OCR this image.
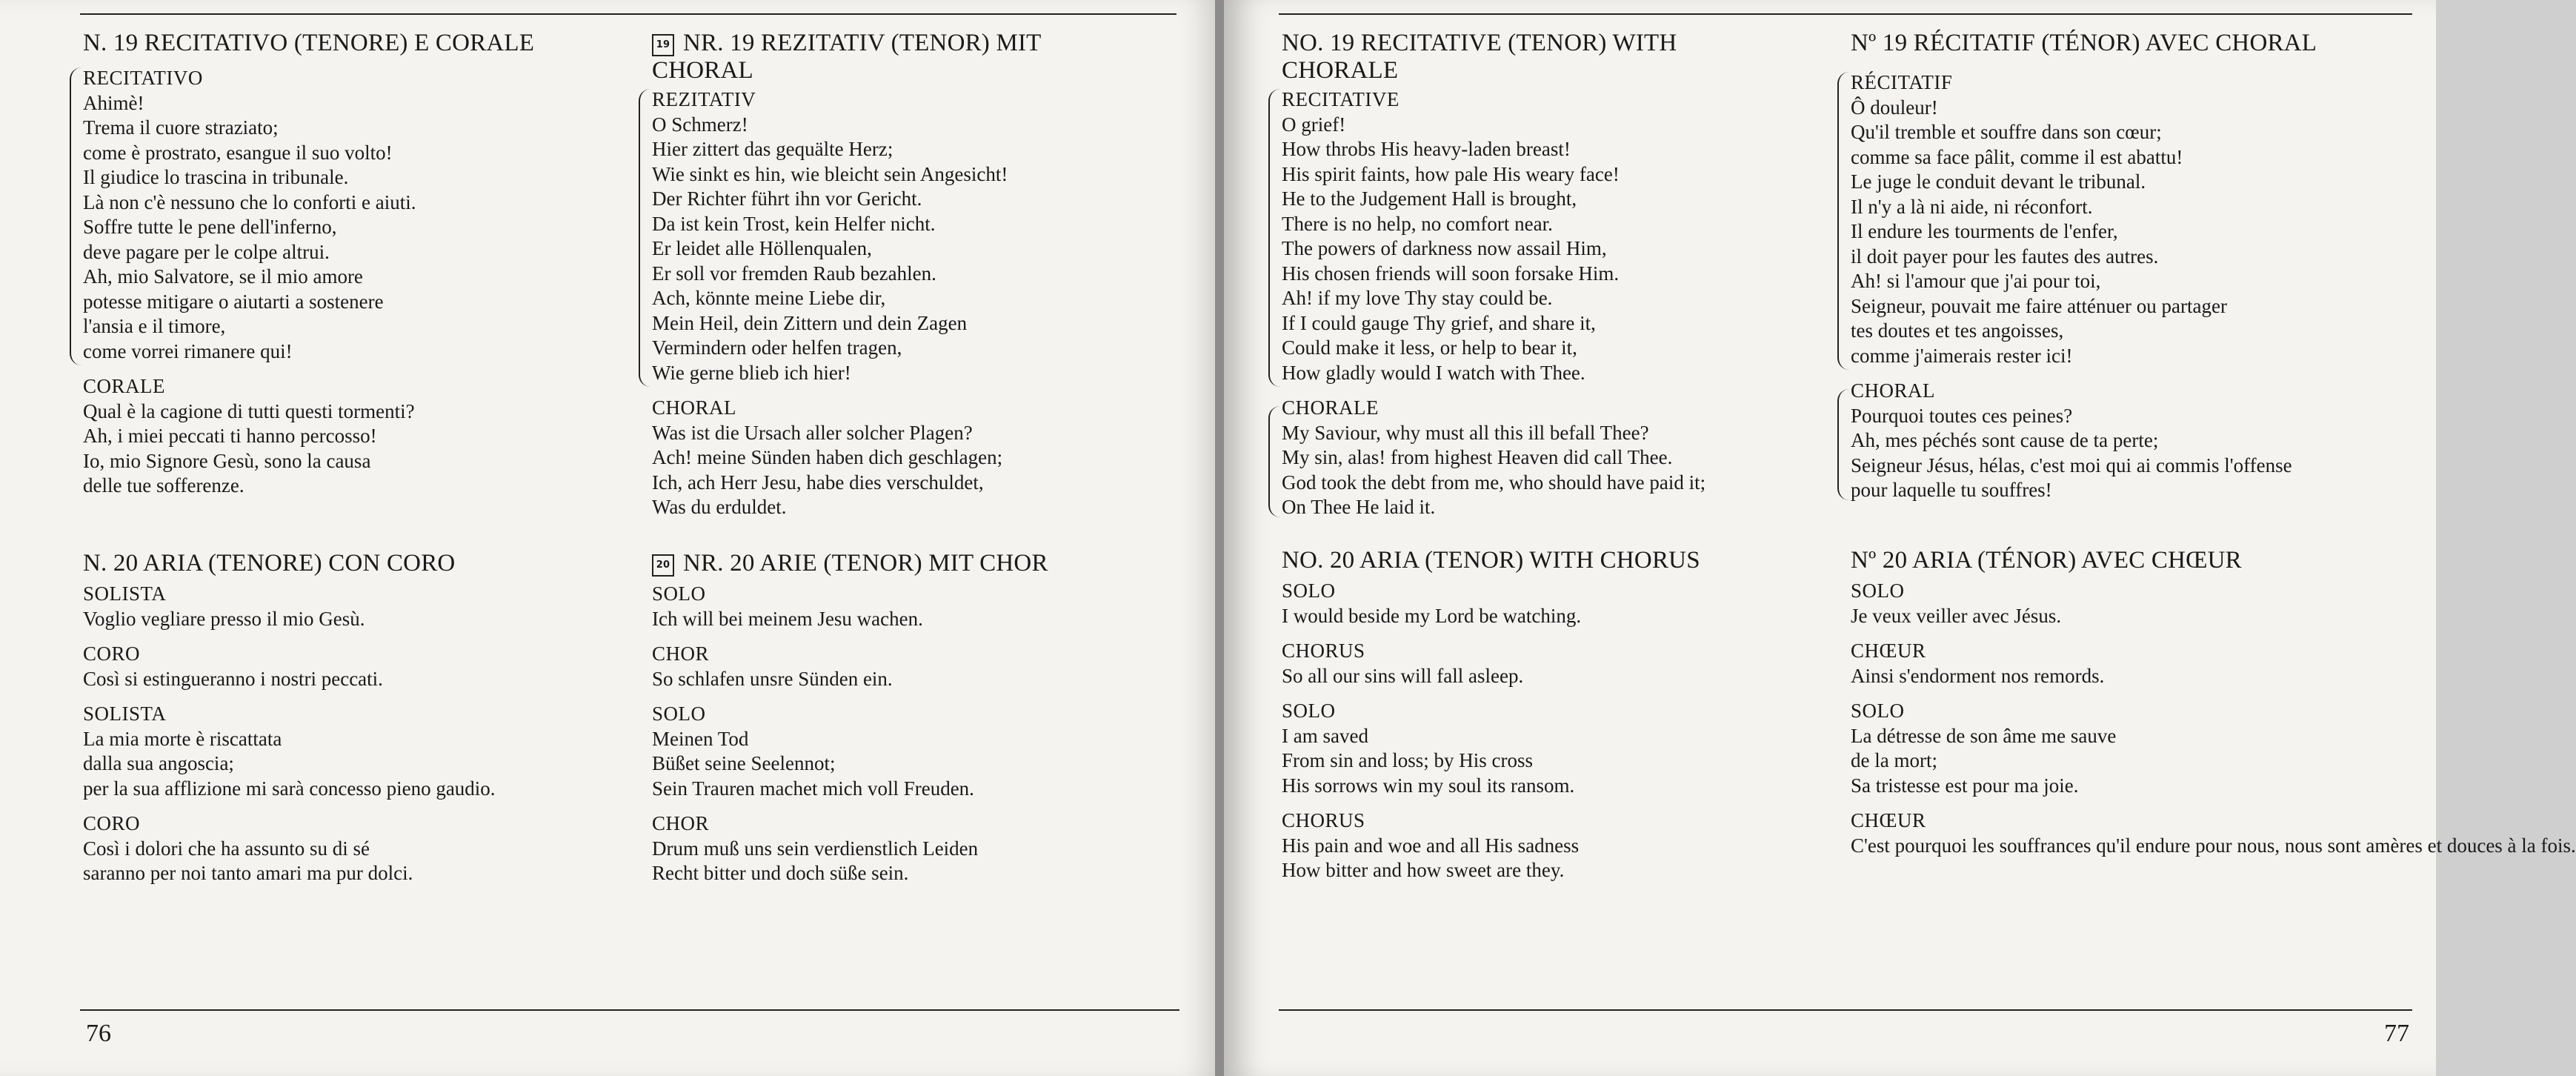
N. 19 RECITATIVO (TENORE) E CORALE
RECITATIVO
Ahimè!
Trema il cuore straziato;
come è prostrato, esangue il suo volto!
Il giudice lo trascina in tribunale.
Là non c'è nessuno che lo conforti e aiuti.
Soffre tutte le pene dell'inferno,
deve pagare per le colpe altrui.
Ah, mio Salvatore, se il mio amore
potesse mitigare o aiutarti a sostenere
l'ansia e il timore,
come vorrei rimanere qui!
CORALE
Qual è la cagione di tutti questi tormenti?
Ah, i miei peccati ti hanno percosso!
Io, mio Signore Gesù, sono la causa
delle tue sofferenze.
N. 20 ARIA (TENORE) CON CORO
SOLISTA
Voglio vegliare presso il mio Gesù.
CORO
Così si estingueranno i nostri peccati.
SOLISTA
La mia morte è riscattata
dalla sua angoscia;
per la sua afflizione mi sarà concesso pieno gaudio.
CORO
Così i dolori che ha assunto su di sé
saranno per noi tanto amari ma pur dolci.
19 NR. 19 REZITATIV (TENOR) MIT
CHORAL
REZITATIV
O Schmerz!
Hier zittert das gequälte Herz;
Wie sinkt es hin, wie bleicht sein Angesicht!
Der Richter führt ihn vor Gericht.
Da ist kein Trost, kein Helfer nicht.
Er leidet alle Höllenqualen,
Er soll vor fremden Raub bezahlen.
Ach, könnte meine Liebe dir,
Mein Heil, dein Zittern und dein Zagen
Vermindern oder helfen tragen,
Wie gerne blieb ich hier!
CHORAL
Was ist die Ursach aller solcher Plagen?
Ach! meine Sünden haben dich geschlagen;
Ich, ach Herr Jesu, habe dies verschuldet,
Was du erduldet.
20 NR. 20 ARIE (TENOR) MIT CHOR
SOLO
Ich will bei meinem Jesu wachen.
CHOR
So schlafen unsre Sünden ein.
SOLO
Meinen Tod
Büßet seine Seelennot;
Sein Trauren machet mich voll Freuden.
CHOR
Drum muß uns sein verdienstlich Leiden
Recht bitter und doch süße sein.
76
NO. 19 RECITATIVE (TENOR) WITH
CHORALE
RECITATIVE
O grief!
How throbs His heavy-laden breast!
His spirit faints, how pale His weary face!
He to the Judgement Hall is brought,
There is no help, no comfort near.
The powers of darkness now assail Him,
His chosen friends will soon forsake Him.
Ah! if my love Thy stay could be.
If I could gauge Thy grief, and share it,
Could make it less, or help to bear it,
How gladly would I watch with Thee.
CHORALE
My Saviour, why must all this ill befall Thee?
My sin, alas! from highest Heaven did call Thee.
God took the debt from me, who should have paid it;
On Thee He laid it.
NO. 20 ARIA (TENOR) WITH CHORUS
SOLO
I would beside my Lord be watching.
CHORUS
So all our sins will fall asleep.
SOLO
I am saved
From sin and loss; by His cross
His sorrows win my soul its ransom.
CHORUS
His pain and woe and all His sadness
How bitter and how sweet are they.
Nº 19 RÉCITATIF (TÉNOR) AVEC CHORAL
RÉCITATIF
Ô douleur!
Qu'il tremble et souffre dans son cœur;
comme sa face pâlit, comme il est abattu!
Le juge le conduit devant le tribunal.
Il n'y a là ni aide, ni réconfort.
Il endure les tourments de l'enfer,
il doit payer pour les fautes des autres.
Ah! si l'amour que j'ai pour toi,
Seigneur, pouvait me faire atténuer ou partager
tes doutes et tes angoisses,
comme j'aimerais rester ici!
CHORAL
Pourquoi toutes ces peines?
Ah, mes péchés sont cause de ta perte;
Seigneur Jésus, hélas, c'est moi qui ai commis l'offense
pour laquelle tu souffres!
Nº 20 ARIA (TÉNOR) AVEC CHŒUR
SOLO
Je veux veiller avec Jésus.
CHŒUR
Ainsi s'endorment nos remords.
SOLO
La détresse de son âme me sauve
de la mort;
Sa tristesse est pour ma joie.
CHŒUR
C'est pourquoi les souffrances qu'il endure pour nous, nous sont amères et douces à la fois.
77
